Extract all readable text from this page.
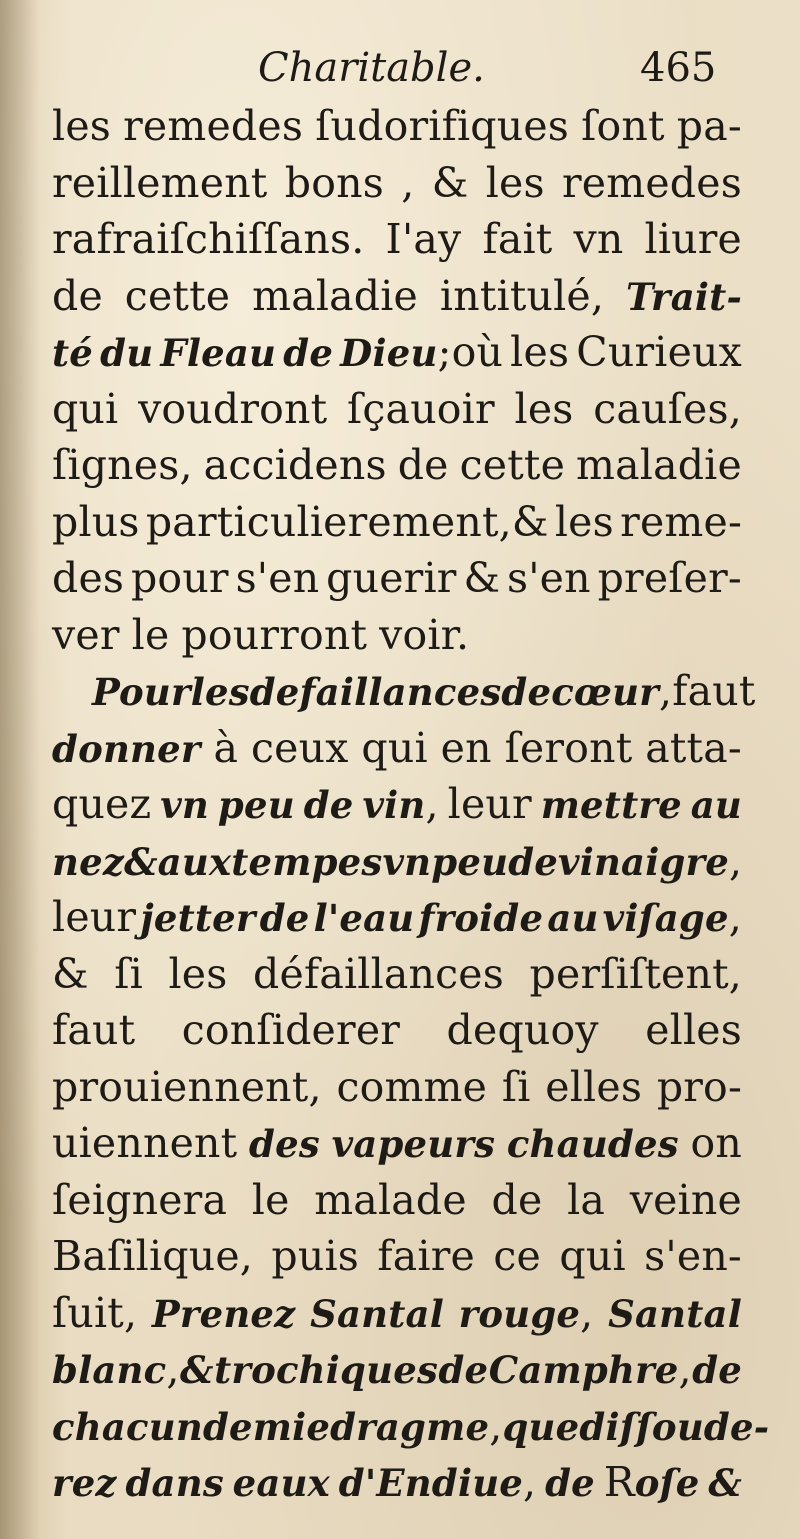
Charitable.	465
les remedes ſudorifiques ſont pa-
reillement bons , & les remedes
rafraiſchiſſans. I'ay fait vn liure
de cette maladie intitulé, Trait-
té du Fleau de Dieu;où les Curieux
qui voudront ſçauoir les cauſes,
ſignes, accidens de cette maladie
plus particulierement,& les reme-
des pour s'en guerir & s'en preſer-
ver le pourront voir.
Pour les defaillances de cœur, faut
donner à ceux qui en ſeront atta-
quez vn peu de vin, leur mettre au
nez & aux tempes vn peu de vinaigre,
leur jetter de l'eau froide au viſage,
& ſi les défaillances perſiſtent,
faut conſiderer dequoy elles
prouiennent, comme ſi elles pro-
uiennent des vapeurs chaudes on
ſeignera le malade de la veine
Baſilique, puis faire ce qui s'en-
ſuit, Prenez Santal rouge, Santal
blanc, & trochiques de Camphre, de
chacun demie dragme, que diſſoude-
rez dans eaux d'Endiue, de Roſe &
